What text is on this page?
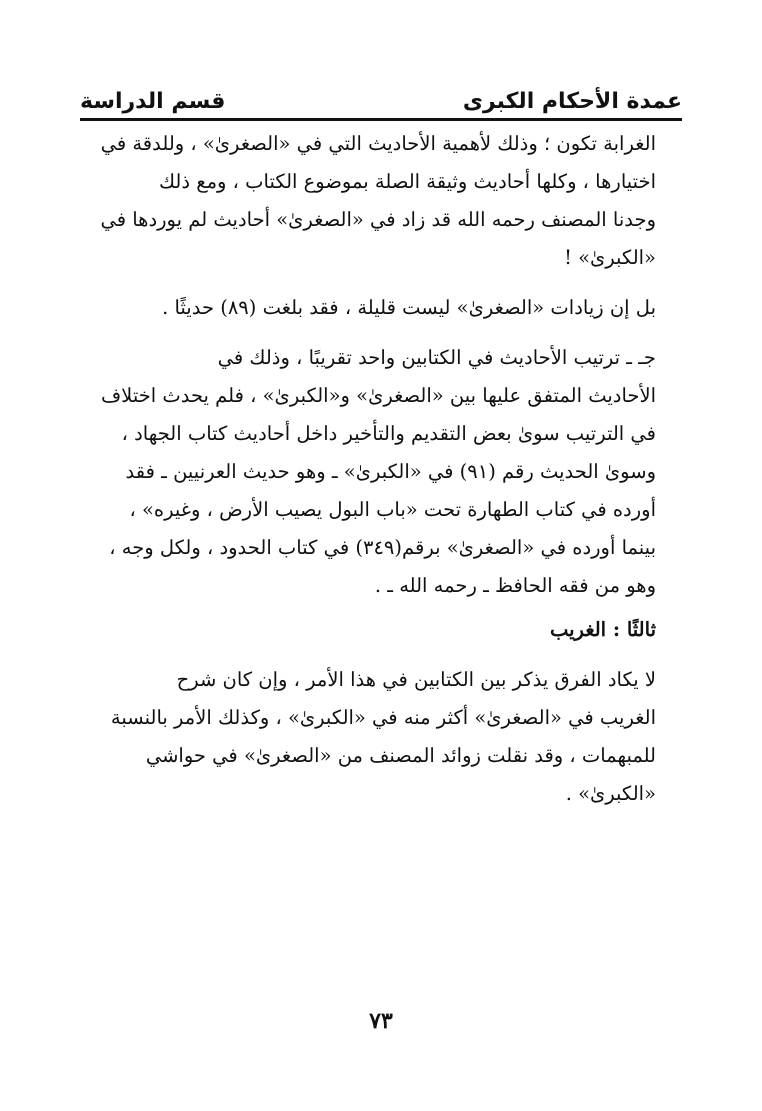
عمدة الأحكام الكبرى
قسم الدراسة

الغرابة تكون ؛ وذلك لأهمية الأحاديث التي في «الصغرىٰ» ، وللدقة في
اختيارها ، وكلها أحاديث وثيقة الصلة بموضوع الكتاب ، ومع ذلك
وجدنا المصنف رحمه الله قد زاد في «الصغرىٰ» أحاديث لم يوردها في
«الكبرىٰ» !

بل إن زيادات «الصغرىٰ» ليست قليلة ، فقد بلغت (٨٩) حديثًا .

جـ ـ ترتيب الأحاديث في الكتابين واحد تقريبًا ، وذلك في
الأحاديث المتفق عليها بين «الصغرىٰ» و«الكبرىٰ» ، فلم يحدث اختلاف
في الترتيب سوىٰ بعض التقديم والتأخير داخل أحاديث كتاب الجهاد ،
وسوىٰ الحديث رقم (٩١) في «الكبرىٰ» ـ وهو حديث العرنيين ـ فقد
أورده في كتاب الطهارة تحت «باب البول يصيب الأرض ، وغيره» ،
بينما أورده في «الصغرىٰ» برقم(٣٤٩) في كتاب الحدود ، ولكل وجه ،
وهو من فقه الحافظ ـ رحمه الله ـ .

ثالثًا : الغريب

لا يكاد الفرق يذكر بين الكتابين في هذا الأمر ، وإن كان شرح
الغريب في «الصغرىٰ» أكثر منه في «الكبرىٰ» ، وكذلك الأمر بالنسبة
للمبهمات ، وقد نقلت زوائد المصنف من «الصغرىٰ» في حواشي
«الكبرىٰ» .

٧٣
